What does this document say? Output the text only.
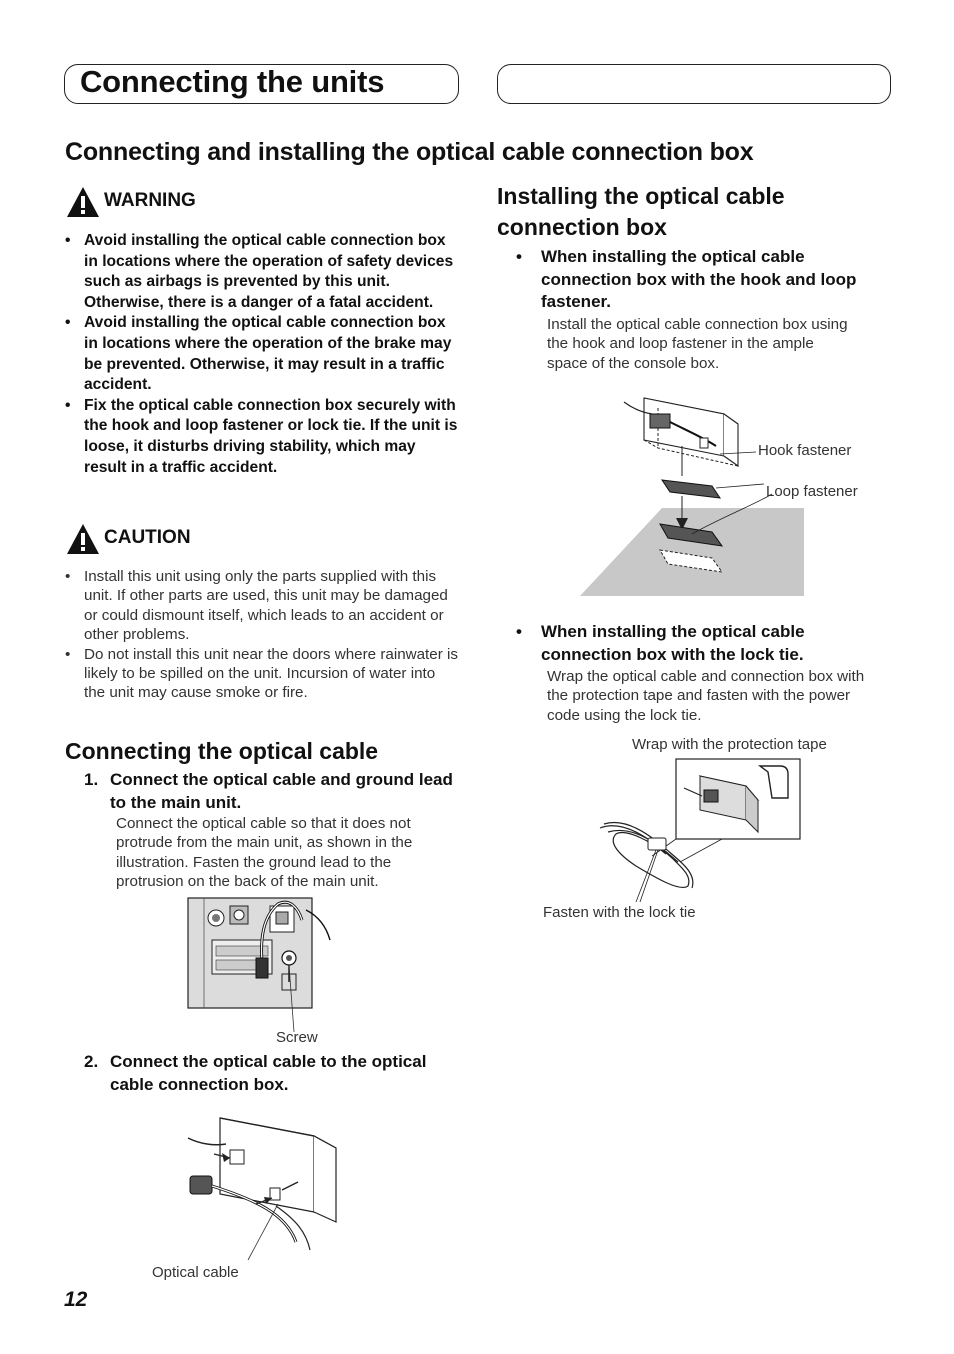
Connecting the units
Connecting and installing the optical cable connection box
WARNING
• Avoid installing the optical cable connection box in locations where the operation of safety devices such as airbags is prevented by this unit. Otherwise, there is a danger of a fatal accident.
• Avoid installing the optical cable connection box in locations where the operation of the brake may be prevented. Otherwise, it may result in a traffic accident.
• Fix the optical cable connection box securely with the hook and loop fastener or lock tie. If the unit is loose, it disturbs driving stability, which may result in a traffic accident.
CAUTION
• Install this unit using only the parts supplied with this unit. If other parts are used, this unit may be damaged or could dismount itself, which leads to an accident or other problems.
• Do not install this unit near the doors where rainwater is likely to be spilled on the unit. Incursion of water into the unit may cause smoke or fire.
Connecting the optical cable
1. Connect the optical cable and ground lead to the main unit.
Connect the optical cable so that it does not protrude from the main unit, as shown in the illustration. Fasten the ground lead to the protrusion on the back of the main unit.
Screw
2. Connect the optical cable to the optical cable connection box.
Optical cable
Installing the optical cable connection box
• When installing the optical cable connection box with the hook and loop fastener.
Install the optical cable connection box using the hook and loop fastener in the ample space of the console box.
Hook fastener
Loop fastener
• When installing the optical cable connection box with the lock tie.
Wrap the optical cable and connection box with the protection tape and fasten with the power code using the lock tie.
Wrap with the protection tape
Fasten with the lock tie
12
